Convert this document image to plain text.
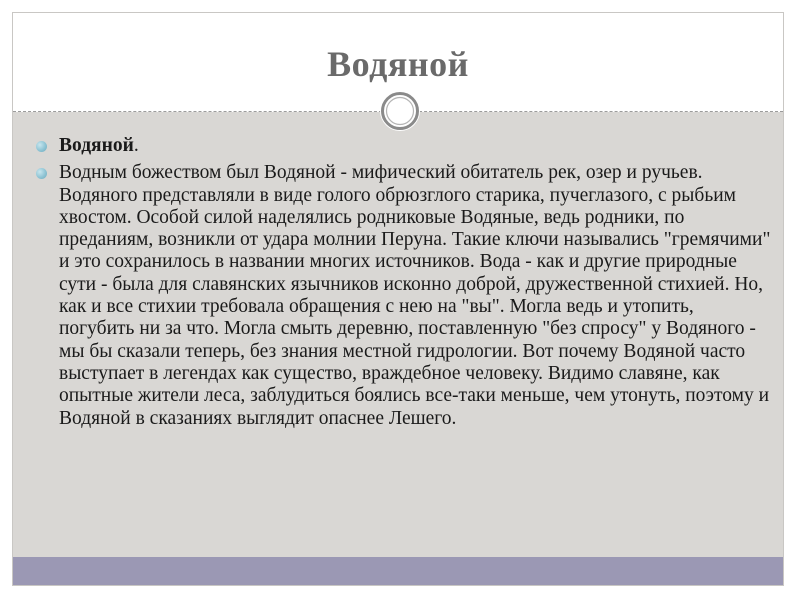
Водяной
Водяной.
Водным божеством был Водяной - мифический обитатель рек, озер и ручьев. Водяного представляли в виде голого обрюзглого старика, пучеглазого, с рыбьим хвостом. Особой силой наделялись родниковые Водяные, ведь родники, по преданиям, возникли от удара молнии Перуна. Такие ключи назывались "гремячими" и это сохранилось в названии многих источников. Вода - как и другие природные сути - была для славянских язычников исконно доброй, дружественной стихией. Но, как и все стихии требовала обращения с нею на "вы". Могла ведь и утопить, погубить ни за что. Могла смыть деревню, поставленную "без спросу" у Водяного - мы бы сказали теперь, без знания местной гидрологии. Вот почему Водяной часто выступает в легендах как существо, враждебное человеку. Видимо славяне, как опытные жители леса, заблудиться боялись все-таки меньше, чем утонуть, поэтому и Водяной в сказаниях выглядит опаснее Лешего.
